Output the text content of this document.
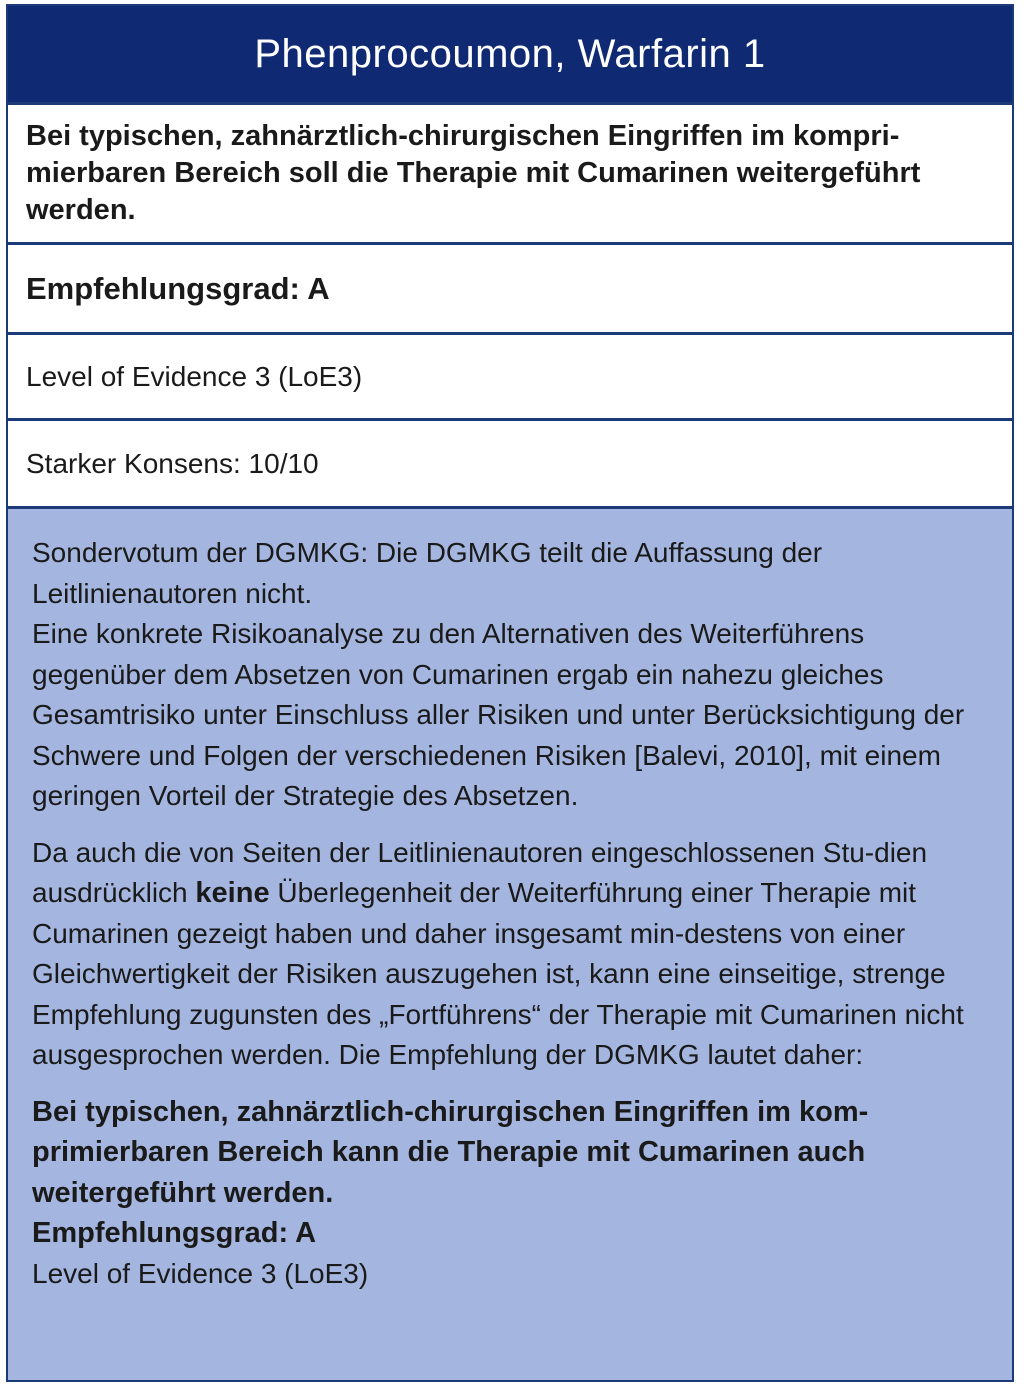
Phenprocoumon, Warfarin 1
Bei typischen, zahnärztlich-chirurgischen Eingriffen im kompri-mierbaren Bereich soll die Therapie mit Cumarinen weitergeführt werden.
Empfehlungsgrad: A
Level of Evidence 3 (LoE3)
Starker Konsens: 10/10

Sondervotum der DGMKG: Die DGMKG teilt die Auffassung der Leitlinienautoren nicht.

Eine konkrete Risikoanalyse zu den Alternativen des Weiterführens gegenüber dem Absetzen von Cumarinen ergab ein nahezu gleiches Gesamtrisiko unter Einschluss aller Risiken und unter Berücksichtigung der Schwere und Folgen der verschiedenen Risiken [Balevi, 2010], mit einem geringen Vorteil der Strategie des Absetzen.

Da auch die von Seiten der Leitlinienautoren eingeschlossenen Stu-dien ausdrücklich keine Überlegenheit der Weiterführung einer Therapie mit Cumarinen gezeigt haben und daher insgesamt min-destens von einer Gleichwertigkeit der Risiken auszugehen ist, kann eine einseitige, strenge Empfehlung zugunsten des „Fortführens“ der Therapie mit Cumarinen nicht ausgesprochen werden. Die Empfehlung der DGMKG lautet daher:

Bei typischen, zahnärztlich-chirurgischen Eingriffen im kom-primierbaren Bereich kann die Therapie mit Cumarinen auch weitergeführt werden.

Empfehlungsgrad: A

Level of Evidence 3 (LoE3)
